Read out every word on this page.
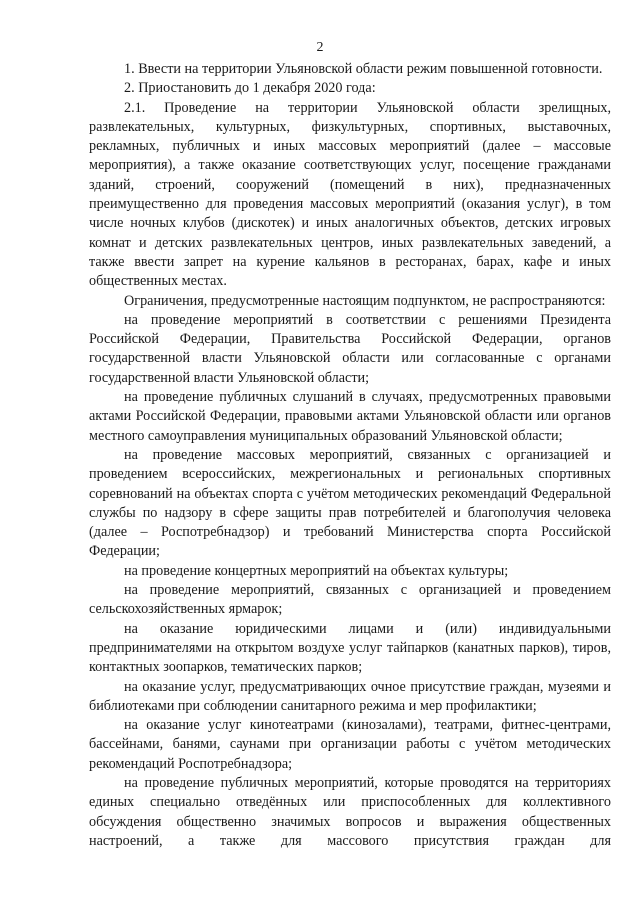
2

1. Ввести на территории Ульяновской области режим повышенной готовности.

2. Приостановить до 1 декабря 2020 года:

2.1. Проведение на территории Ульяновской области зрелищных, развлекательных, культурных, физкультурных, спортивных, выставочных, рекламных, публичных и иных массовых мероприятий (далее – массовые мероприятия), а также оказание соответствующих услуг, посещение гражданами зданий, строений, сооружений (помещений в них), предназначенных преимущественно для проведения массовых мероприятий (оказания услуг), в том числе ночных клубов (дискотек) и иных аналогичных объектов, детских игровых комнат и детских развлекательных центров, иных развлекательных заведений, а также ввести запрет на курение кальянов в ресторанах, барах, кафе и иных общественных местах.

Ограничения, предусмотренные настоящим подпунктом, не распространяются:

на проведение мероприятий в соответствии с решениями Президента Российской Федерации, Правительства Российской Федерации, органов государственной власти Ульяновской области или согласованные с органами государственной власти Ульяновской области;

на проведение публичных слушаний в случаях, предусмотренных правовыми актами Российской Федерации, правовыми актами Ульяновской области или органов местного самоуправления муниципальных образований Ульяновской области;

на проведение массовых мероприятий, связанных с организацией и проведением всероссийских, межрегиональных и региональных спортивных соревнований на объектах спорта с учётом методических рекомендаций Федеральной службы по надзору в сфере защиты прав потребителей и благополучия человека (далее – Роспотребнадзор) и требований Министерства спорта Российской Федерации;

на проведение концертных мероприятий на объектах культуры;

на проведение мероприятий, связанных с организацией и проведением сельскохозяйственных ярмарок;

на оказание юридическими лицами и (или) индивидуальными предпринимателями на открытом воздухе услуг тайпарков (канатных парков), тиров, контактных зоопарков, тематических парков;

на оказание услуг, предусматривающих очное присутствие граждан, музеями и библиотеками при соблюдении санитарного режима и мер профилактики;

на оказание услуг кинотеатрами (кинозалами), театрами, фитнес-центрами, бассейнами, банями, саунами при организации работы с учётом методических рекомендаций Роспотребнадзора;

на проведение публичных мероприятий, которые проводятся на территориях единых специально отведённых или приспособленных для коллективного обсуждения общественно значимых вопросов и выражения общественных настроений, а также для массового присутствия граждан для
